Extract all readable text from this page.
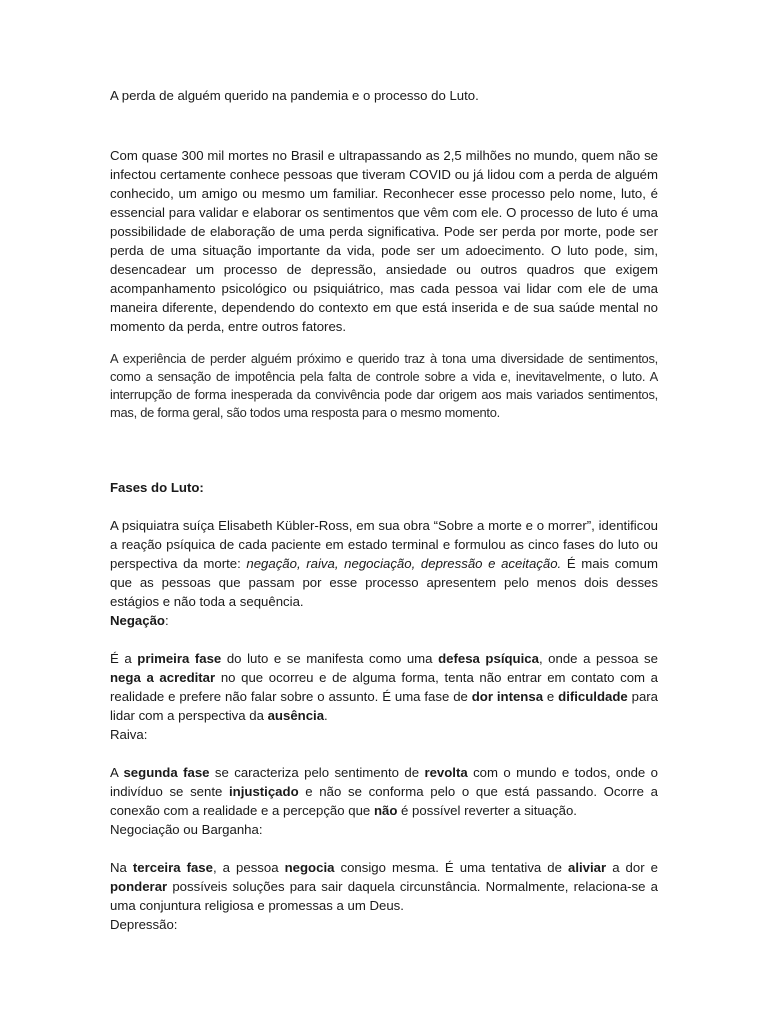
A perda de alguém querido na pandemia e o processo do Luto.

Com quase 300 mil mortes no Brasil e ultrapassando as 2,5 milhões no mundo, quem não se infectou certamente conhece pessoas que tiveram COVID ou já lidou com a perda de alguém conhecido, um amigo ou mesmo um familiar. Reconhecer esse processo pelo nome, luto, é essencial para validar e elaborar os sentimentos que vêm com ele. O processo de luto é uma possibilidade de elaboração de uma perda significativa. Pode ser perda por morte, pode ser perda de uma situação importante da vida, pode ser um adoecimento. O luto pode, sim, desencadear um processo de depressão, ansiedade ou outros quadros que exigem acompanhamento psicológico ou psiquiátrico, mas cada pessoa vai lidar com ele de uma maneira diferente, dependendo do contexto em que está inserida e de sua saúde mental no momento da perda, entre outros fatores.

A experiência de perder alguém próximo e querido traz à tona uma diversidade de sentimentos, como a sensação de impotência pela falta de controle sobre a vida e, inevitavelmente, o luto. A interrupção de forma inesperada da convivência pode dar origem aos mais variados sentimentos, mas, de forma geral, são todos uma resposta para o mesmo momento.

Fases do Luto:

A psiquiatra suíça Elisabeth Kübler-Ross, em sua obra “Sobre a morte e o morrer”, identificou a reação psíquica de cada paciente em estado terminal e formulou as cinco fases do luto ou perspectiva da morte: negação, raiva, negociação, depressão e aceitação. É mais comum que as pessoas que passam por esse processo apresentem pelo menos dois desses estágios e não toda a sequência.

Negação:

É a primeira fase do luto e se manifesta como uma defesa psíquica, onde a pessoa se nega a acreditar no que ocorreu e de alguma forma, tenta não entrar em contato com a realidade e prefere não falar sobre o assunto. É uma fase de dor intensa e dificuldade para lidar com a perspectiva da ausência.

Raiva:

A segunda fase se caracteriza pelo sentimento de revolta com o mundo e todos, onde o indivíduo se sente injustiçado e não se conforma pelo o que está passando. Ocorre a conexão com a realidade e a percepção que não é possível reverter a situação.

Negociação ou Barganha:

Na terceira fase, a pessoa negocia consigo mesma. É uma tentativa de aliviar a dor e ponderar possíveis soluções para sair daquela circunstância. Normalmente, relaciona-se a uma conjuntura religiosa e promessas a um Deus.

Depressão:
